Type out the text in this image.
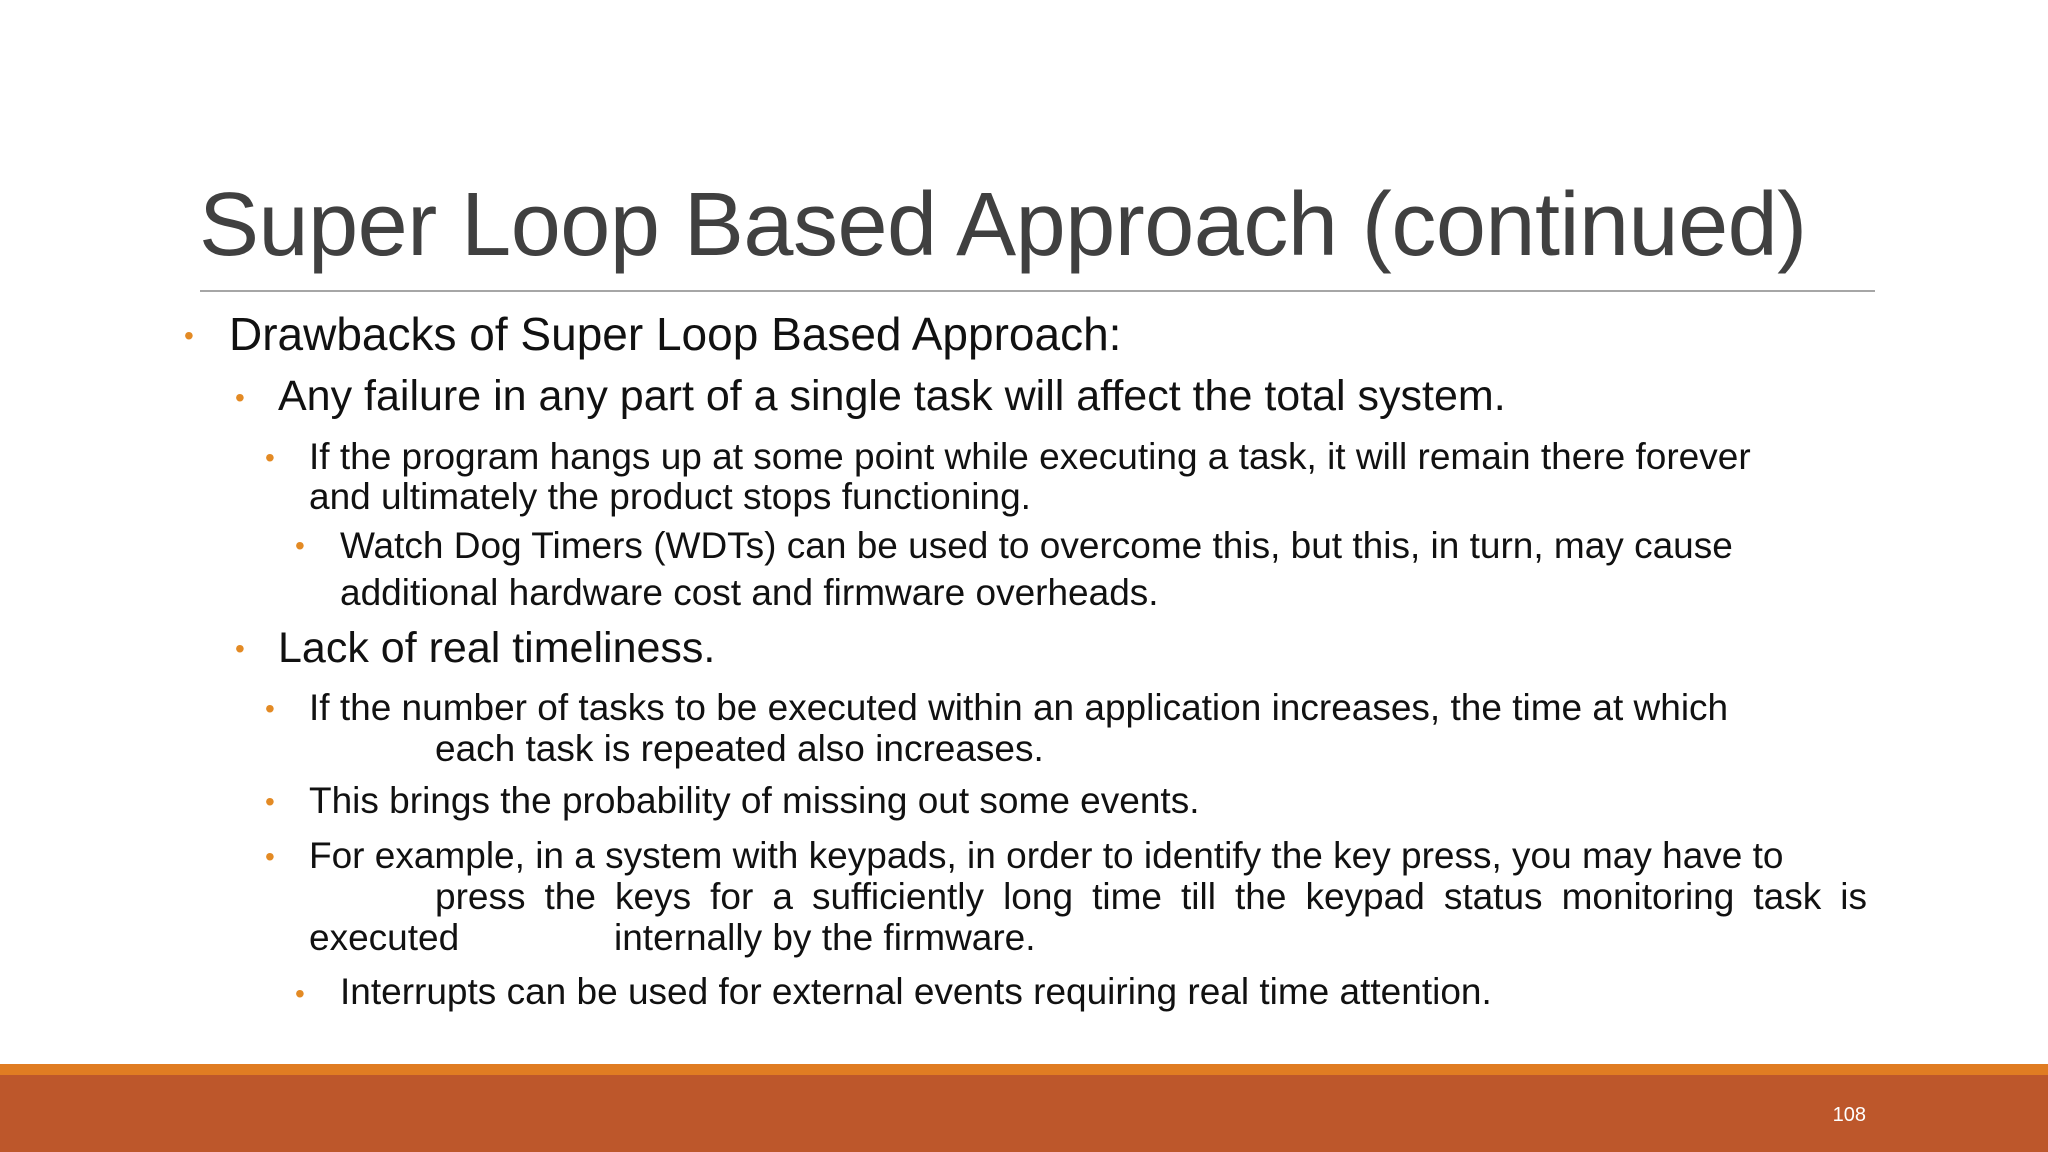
Super Loop Based Approach (continued)
• Drawbacks of Super Loop Based Approach:
• Any failure in any part of a single task will affect the total system.
• If the program hangs up at some point while executing a task, it will remain there forever
and ultimately the product stops functioning.
• Watch Dog Timers (WDTs) can be used to overcome this, but this, in turn, may cause
additional hardware cost and firmware overheads.
• Lack of real timeliness.
• If the number of tasks to be executed within an application increases, the time at which
each task is repeated also increases.
• This brings the probability of missing out some events.
• For example, in a system with keypads, in order to identify the key press, you may have to
press the keys for a sufficiently long time till the keypad status monitoring task is
executed	internally by the firmware.
• Interrupts can be used for external events requiring real time attention.
108
